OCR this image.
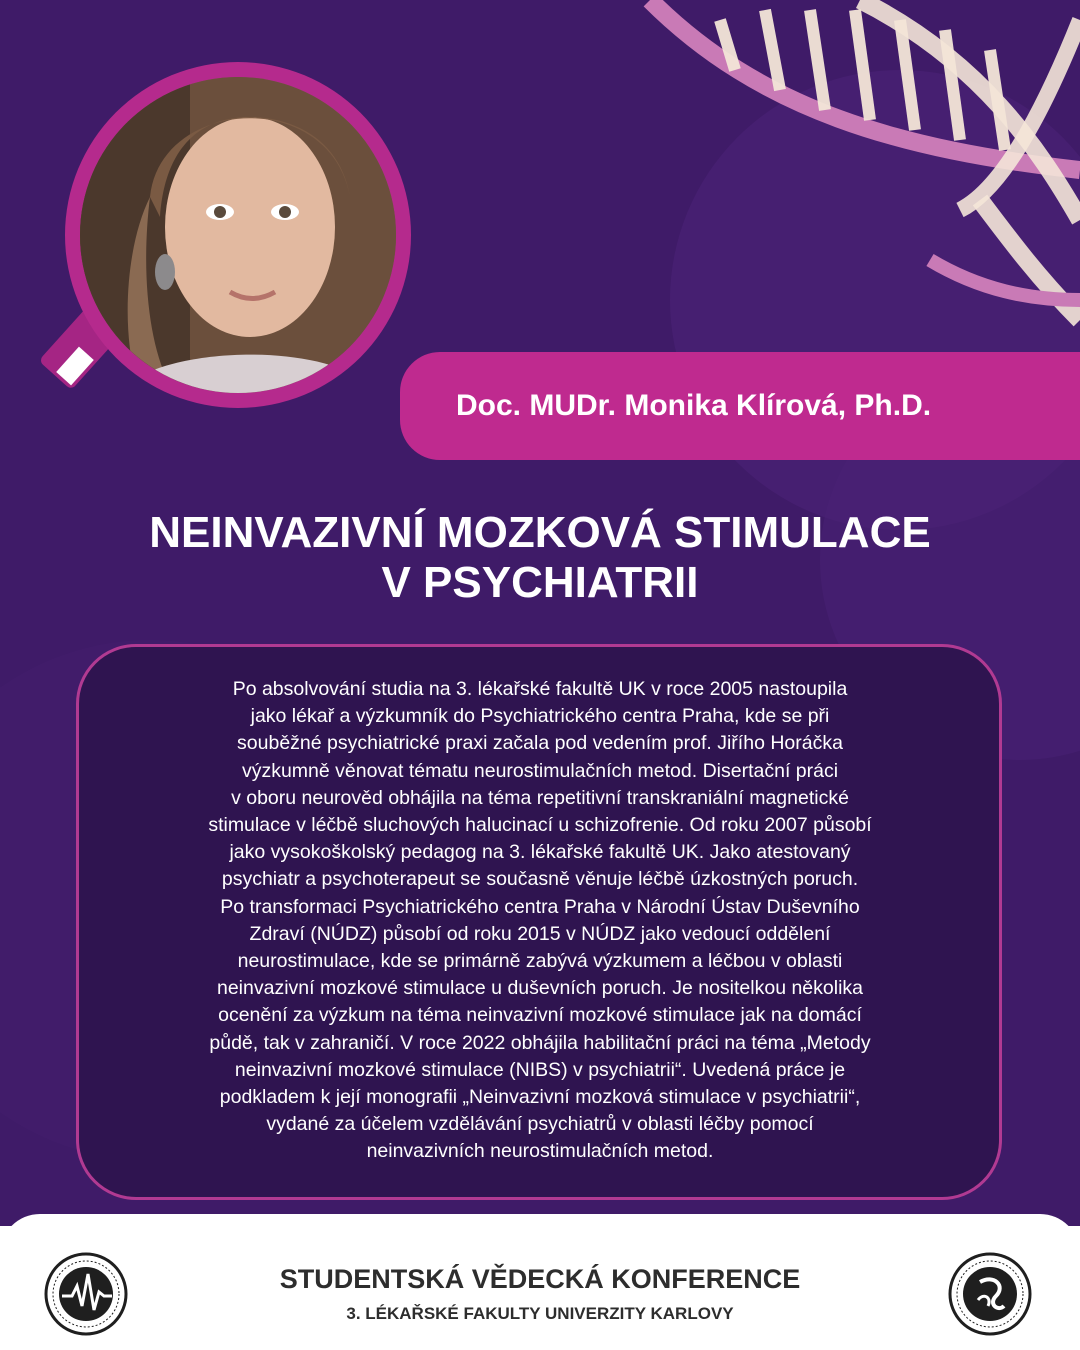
Doc. MUDr. Monika Klírová, Ph.D.
NEINVAZIVNÍ MOZKOVÁ STIMULACE
V PSYCHIATRII
Po absolvování studia na 3. lékařské fakultě UK v roce 2005 nastoupila
jako lékař a výzkumník do Psychiatrického centra Praha, kde se při
souběžné psychiatrické praxi začala pod vedením prof. Jiřího Horáčka
výzkumně věnovat tématu neurostimulačních metod. Disertační práci
v oboru neurověd obhájila na téma repetitivní transkraniální magnetické
stimulace v léčbě sluchových halucinací u schizofrenie. Od roku 2007 působí
jako vysokoškolský pedagog na 3. lékařské fakultě UK. Jako atestovaný
psychiatr a psychoterapeut se současně věnuje léčbě úzkostných poruch.
Po transformaci Psychiatrického centra Praha v Národní Ústav Duševního
Zdraví (NÚDZ) působí od roku 2015 v NÚDZ jako vedoucí oddělení
neurostimulace, kde se primárně zabývá výzkumem a léčbou v oblasti
neinvazivní mozkové stimulace u duševních poruch. Je nositelkou několika
ocenění za výzkum na téma neinvazivní mozkové stimulace jak na domácí
půdě, tak v zahraničí. V roce 2022 obhájila habilitační práci na téma „Metody
neinvazivní mozkové stimulace (NIBS) v psychiatrii“. Uvedená práce je
podkladem k její monografii „Neinvazivní mozková stimulace v psychiatrii“,
vydané za účelem vzdělávání psychiatrů v oblasti léčby pomocí
neinvazivních neurostimulačních metod.
STUDENTSKÁ VĚDECKÁ KONFERENCE
3. LÉKAŘSKÉ FAKULTY UNIVERZITY KARLOVY
